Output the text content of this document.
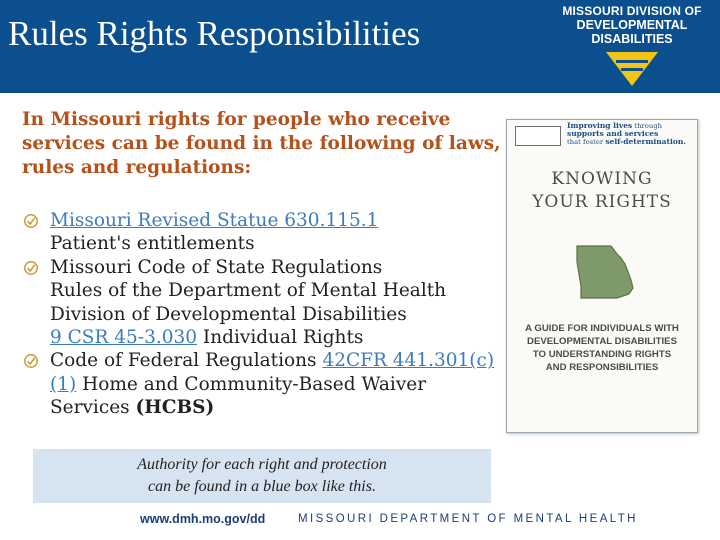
Rules Rights Responsibilities
MISSOURI DIVISION OF
DEVELOPMENTAL
DISABILITIES
In Missouri rights for people who receive services can be found in the following of laws, rules and regulations:
Missouri Revised Statue 630.115.1
Patient's entitlements
Missouri Code of State Regulations
Rules of the Department of Mental Health
Division of Developmental Disabilities
9 CSR 45-3.030 Individual Rights
Code of Federal Regulations 42CFR 441.301(c)(1) Home and Community-Based Waiver Services (HCBS)
Authority for each right and protection
can be found in a blue box like this.
Improving lives through
supports and services
that foster self-determination.
KNOWING
YOUR RIGHTS
A GUIDE FOR INDIVIDUALS WITH
DEVELOPMENTAL DISABILITIES
TO UNDERSTANDING RIGHTS
AND RESPONSIBILITIES
www.dmh.mo.gov/dd	MISSOURI DEPARTMENT OF MENTAL HEALTH
